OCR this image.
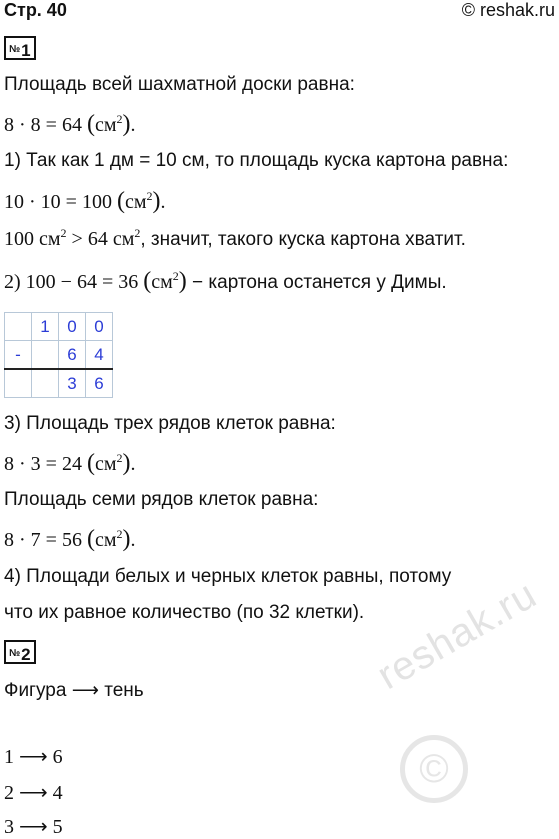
Стр. 40	© reshak.ru
№1
Площадь всей шахматной доски равна:
8 · 8 = 64 $(см^2)$.
1) Так как 1 дм = 10 см, то площадь куска картона равна:
10 · 10 = 100 $(см^2)$.
100 $см^2 > 64$ $см^2$, значит, такого куска картона хватит.
2) 100 − 64 = 36 $(см^2)$ − картона останется у Димы.
	1	0	0
-		6	4
		3	6
3) Площадь трех рядов клеток равна:
8 · 3 = 24 $(см^2)$.
Площадь семи рядов клеток равна:
8 · 7 = 56 $(см^2)$.
4) Площади белых и черных клеток равны, потому
что их равное количество (по 32 клетки).
№2
Фигура ⟶ тень	reshak.ru
©
1 ⟶ 6
2 ⟶ 4
3 ⟶ 5
